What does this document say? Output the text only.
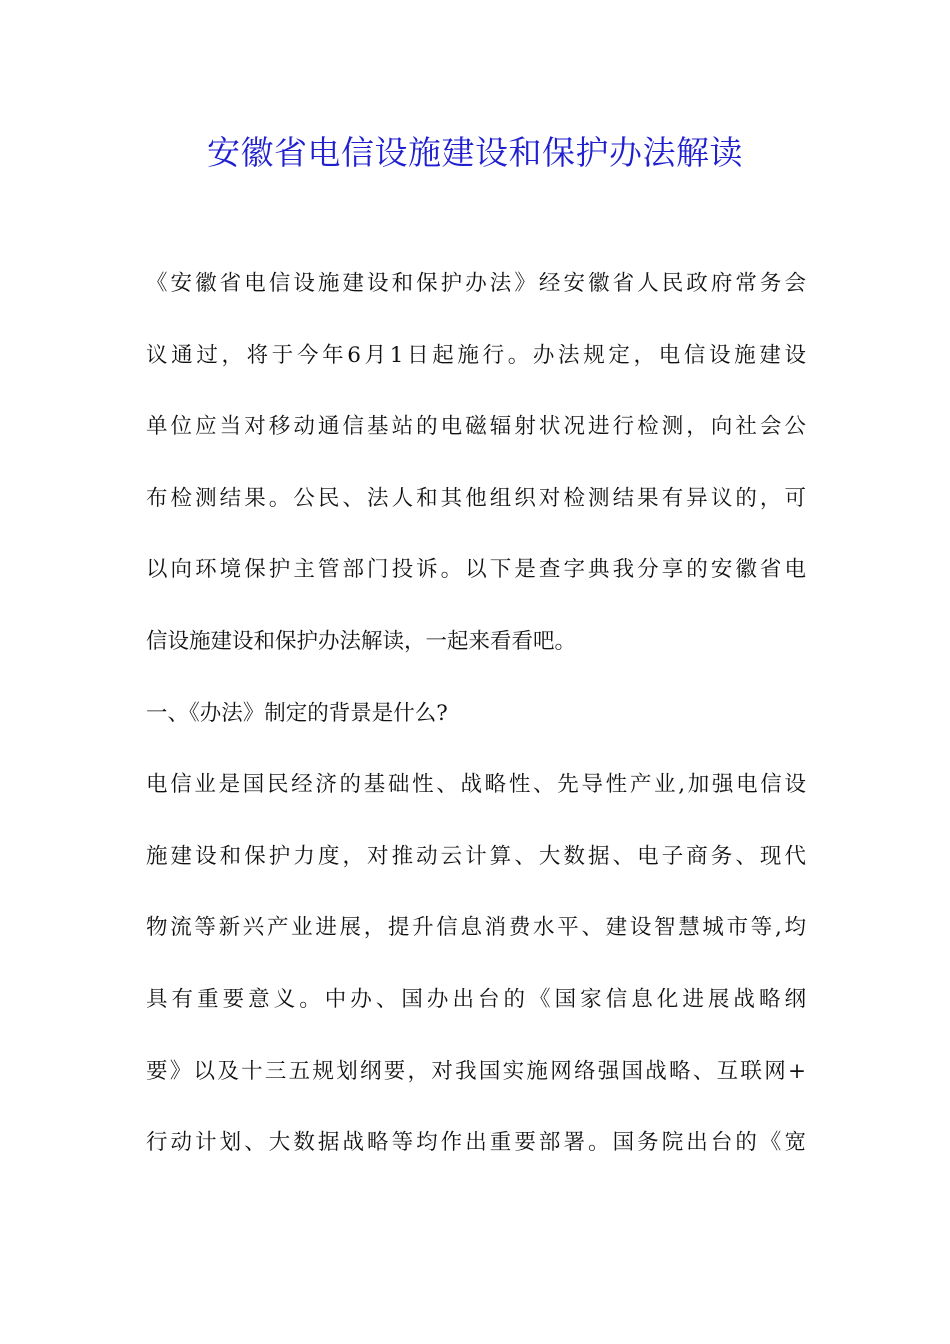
安徽省电信设施建设和保护办法解读
《安徽省电信设施建设和保护办法》经安徽省人民政府常务会
议通过，将于今年6月1日起施行。办法规定，电信设施建设
单位应当对移动通信基站的电磁辐射状况进行检测，向社会公
布检测结果。公民、法人和其他组织对检测结果有异议的，可
以向环境保护主管部门投诉。以下是查字典我分享的安徽省电
信设施建设和保护办法解读，一起来看看吧。
一、《办法》制定的背景是什么?
电信业是国民经济的基础性、战略性、先导性产业,加强电信设
施建设和保护力度，对推动云计算、大数据、电子商务、现代
物流等新兴产业进展，提升信息消费水平、建设智慧城市等,均
具有重要意义。中办、国办出台的《国家信息化进展战略纲
要》以及十三五规划纲要，对我国实施网络强国战略、互联网+
行动计划、大数据战略等均作出重要部署。国务院出台的《宽
